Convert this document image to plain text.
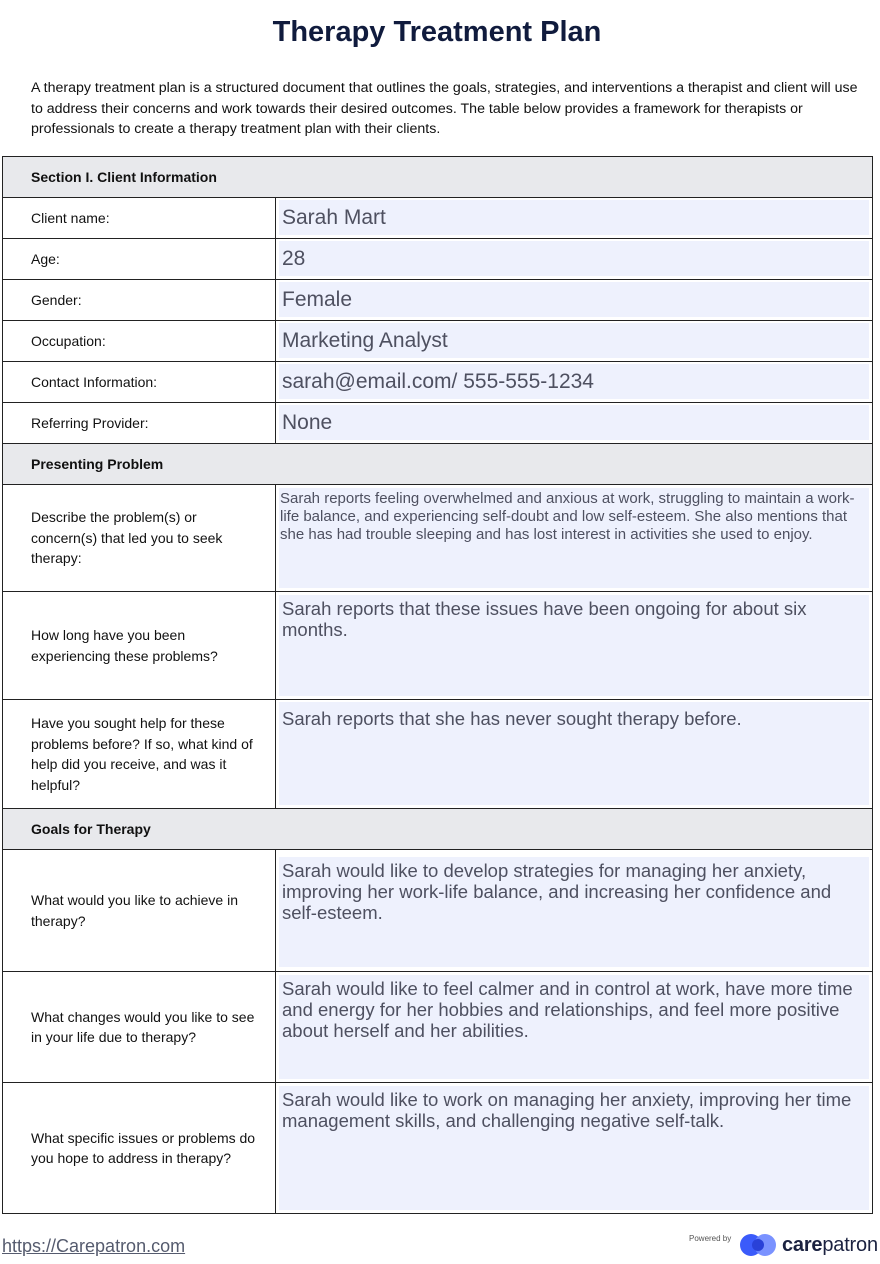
Therapy Treatment Plan

A therapy treatment plan is a structured document that outlines the goals, strategies, and interventions a therapist and client will use to address their concerns and work towards their desired outcomes. The table below provides a framework for therapists or professionals to create a therapy treatment plan with their clients.

Section I. Client Information	
Client name:	Sarah Mart

Age:	28

Gender:	Female

Occupation:	Marketing Analyst

Contact Information:	sarah@email.com/ 555-555-1234

Referring Provider:	None

Presenting Problem	
Describe the problem(s) or concern(s) that led you to seek therapy:	Sarah reports feeling overwhelmed and anxious at work, struggling to maintain a work-life balance, and experiencing self-doubt and low self-esteem. She also mentions that she has had trouble sleeping and has lost interest in activities she used to enjoy.

How long have you been experiencing these problems?	Sarah reports that these issues have been ongoing for about six months.

Have you sought help for these problems before? If so, what kind of help did you receive, and was it helpful?	Sarah reports that she has never sought therapy before.

Goals for Therapy	
What would you like to achieve in therapy?	Sarah would like to develop strategies for managing her anxiety, improving her work-life balance, and increasing her confidence and self-esteem.

What changes would you like to see in your life due to therapy?	Sarah would like to feel calmer and in control at work, have more time and energy for her hobbies and relationships, and feel more positive about herself and her abilities.

What specific issues or problems do you hope to address in therapy?	Sarah would like to work on managing her anxiety, improving her time management skills, and challenging negative self-talk.
https://Carepatron.com	Powered by	carepatron
